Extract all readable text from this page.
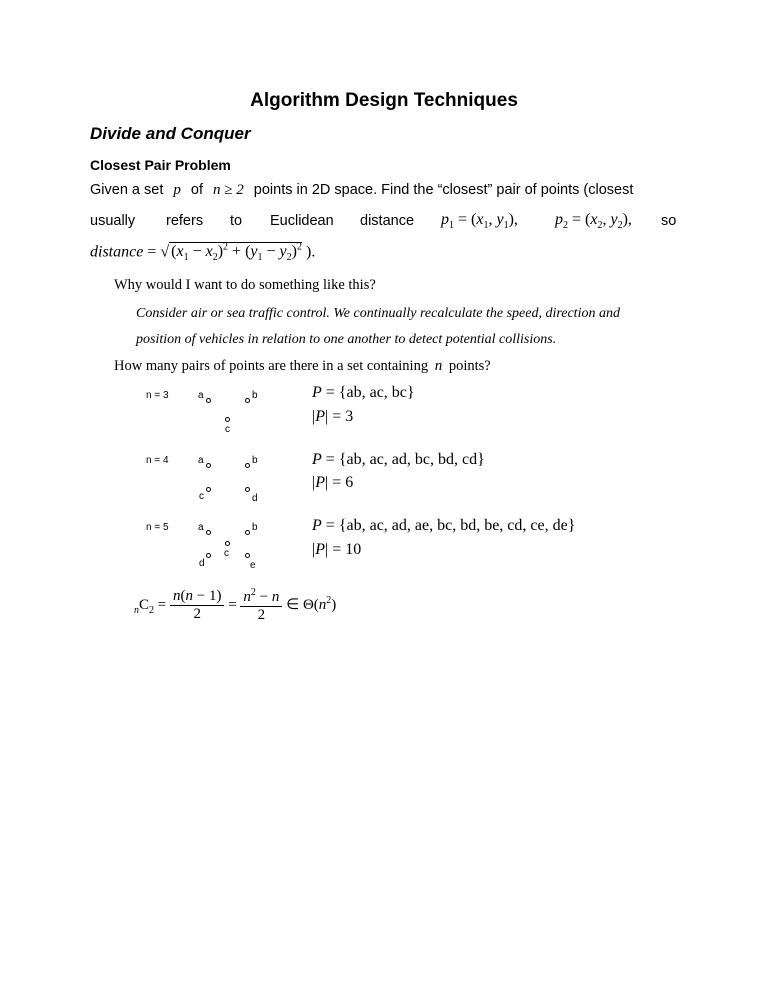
Algorithm Design Techniques
Divide and Conquer
Closest Pair Problem
Given a set p of n ≥ 2 points in 2D space. Find the “closest” pair of points (closest
usually refers to Euclidean distance $p_1 = (x_1$, $y_1$), $p_2 = (x_2$, $y_2$), so
distance = √ $(x_1 - x_2)^2 + (y_1 - y_2)^2$ ).
Why would I want to do something like this?
Consider air or sea traffic control. We continually recalculate the speed, direction and
position of vehicles in relation to one another to detect potential collisions.
How many pairs of points are there in a set containing n points?
n = 3	a	b
c
P = {ab, ac, bc}
|P| = 3
n = 4	a	b
c	d
P = {ab, ac, ad, bc, bd, cd}
|P| = 6
n = 5	a	b
c
d	e
P = {ab, ac, ad, ae, bc, bd, be, cd, ce, de}
|P| = 10
$_nC_2 = \frac{n(n - 1)}{2} = \frac{n^2 - n}{2}$ ∈ $\Theta(n^2)$
